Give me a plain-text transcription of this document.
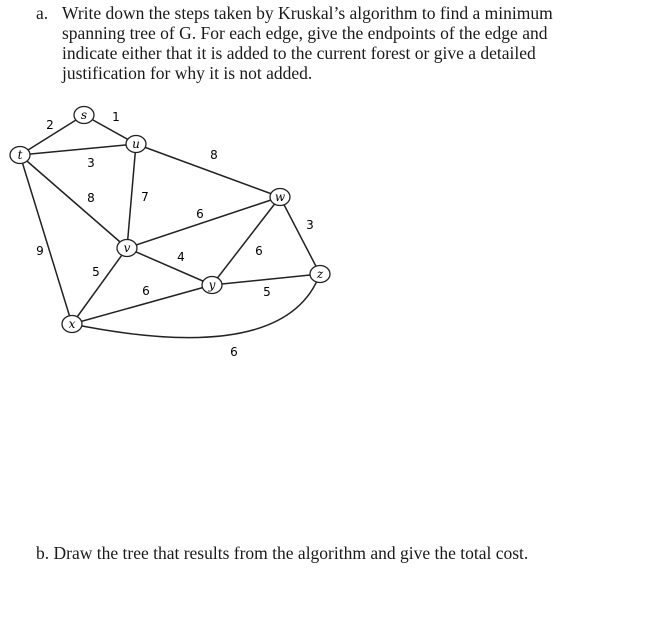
a. Write down the steps taken by Kruskal’s algorithm to find a minimum
spanning tree of G. For each edge, give the endpoints of the edge and
indicate either that it is added to the current forest or give a detailed
justification for why it is not added.
2
1
3
8
9
7
8
6
4
5
6
6
5
3
6
s
t
u
v
w
x
y
z
b. Draw the tree that results from the algorithm and give the total cost.
